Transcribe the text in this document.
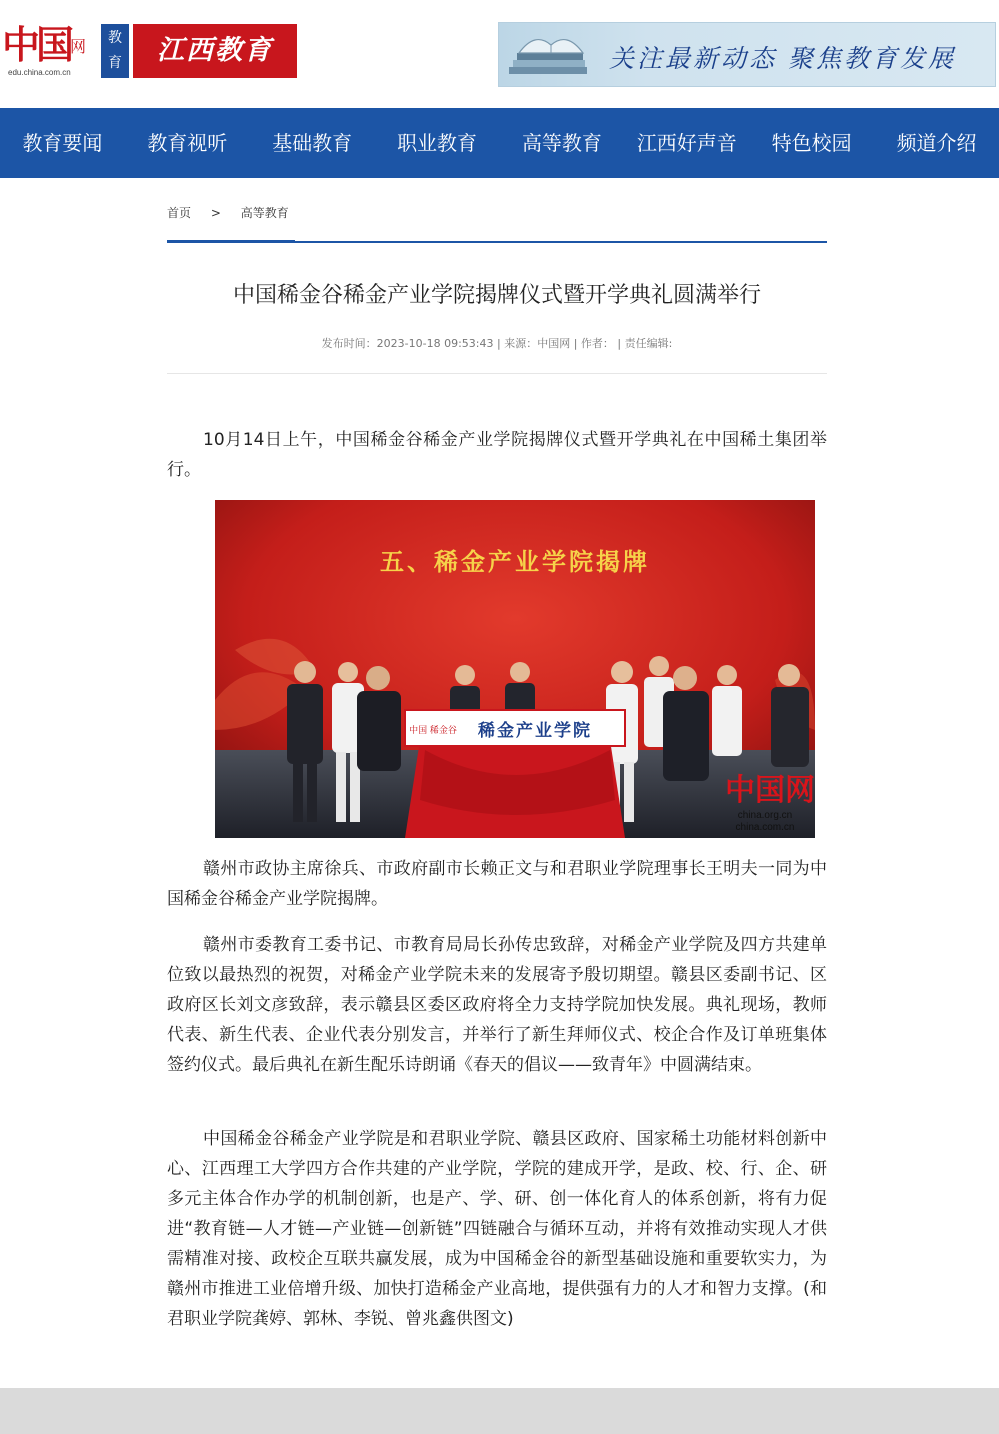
中国 网
edu.china.com.cn
教育	江西教育	关注最新动态 聚焦教育发展
教育要闻	教育视听	基础教育	职业教育	高等教育	江西好声音	特色校园	频道介绍
首页 > 高等教育
中国稀金谷稀金产业学院揭牌仪式暨开学典礼圆满举行
发布时间：2023-10-18 09:53:43 | 来源：中国网 | 作者： | 责任编辑:

10月14日上午，中国稀金谷稀金产业学院揭牌仪式暨开学典礼在中国稀土集团举行。

五、稀金产业学院揭牌
中国 稀金谷 稀金产业学院
中国网
china.org.cn
china.com.cn

赣州市政协主席徐兵、市政府副市长赖正文与和君职业学院理事长王明夫一同为中国稀金谷稀金产业学院揭牌。

赣州市委教育工委书记、市教育局局长孙传忠致辞，对稀金产业学院及四方共建单位致以最热烈的祝贺，对稀金产业学院未来的发展寄予殷切期望。赣县区委副书记、区政府区长刘文彦致辞，表示赣县区委区政府将全力支持学院加快发展。典礼现场，教师代表、新生代表、企业代表分别发言，并举行了新生拜师仪式、校企合作及订单班集体签约仪式。最后典礼在新生配乐诗朗诵《春天的倡议——致青年》中圆满结束。

中国稀金谷稀金产业学院是和君职业学院、赣县区政府、国家稀土功能材料创新中心、江西理工大学四方合作共建的产业学院，学院的建成开学，是政、校、行、企、研多元主体合作办学的机制创新，也是产、学、研、创一体化育人的体系创新，将有力促进“教育链—人才链—产业链—创新链”四链融合与循环互动，并将有效推动实现人才供需精准对接、政校企互联共赢发展，成为中国稀金谷的新型基础设施和重要软实力，为赣州市推进工业倍增升级、加快打造稀金产业高地，提供强有力的人才和智力支撑。(和君职业学院龚婷、郭林、李锐、曾兆鑫供图文)
